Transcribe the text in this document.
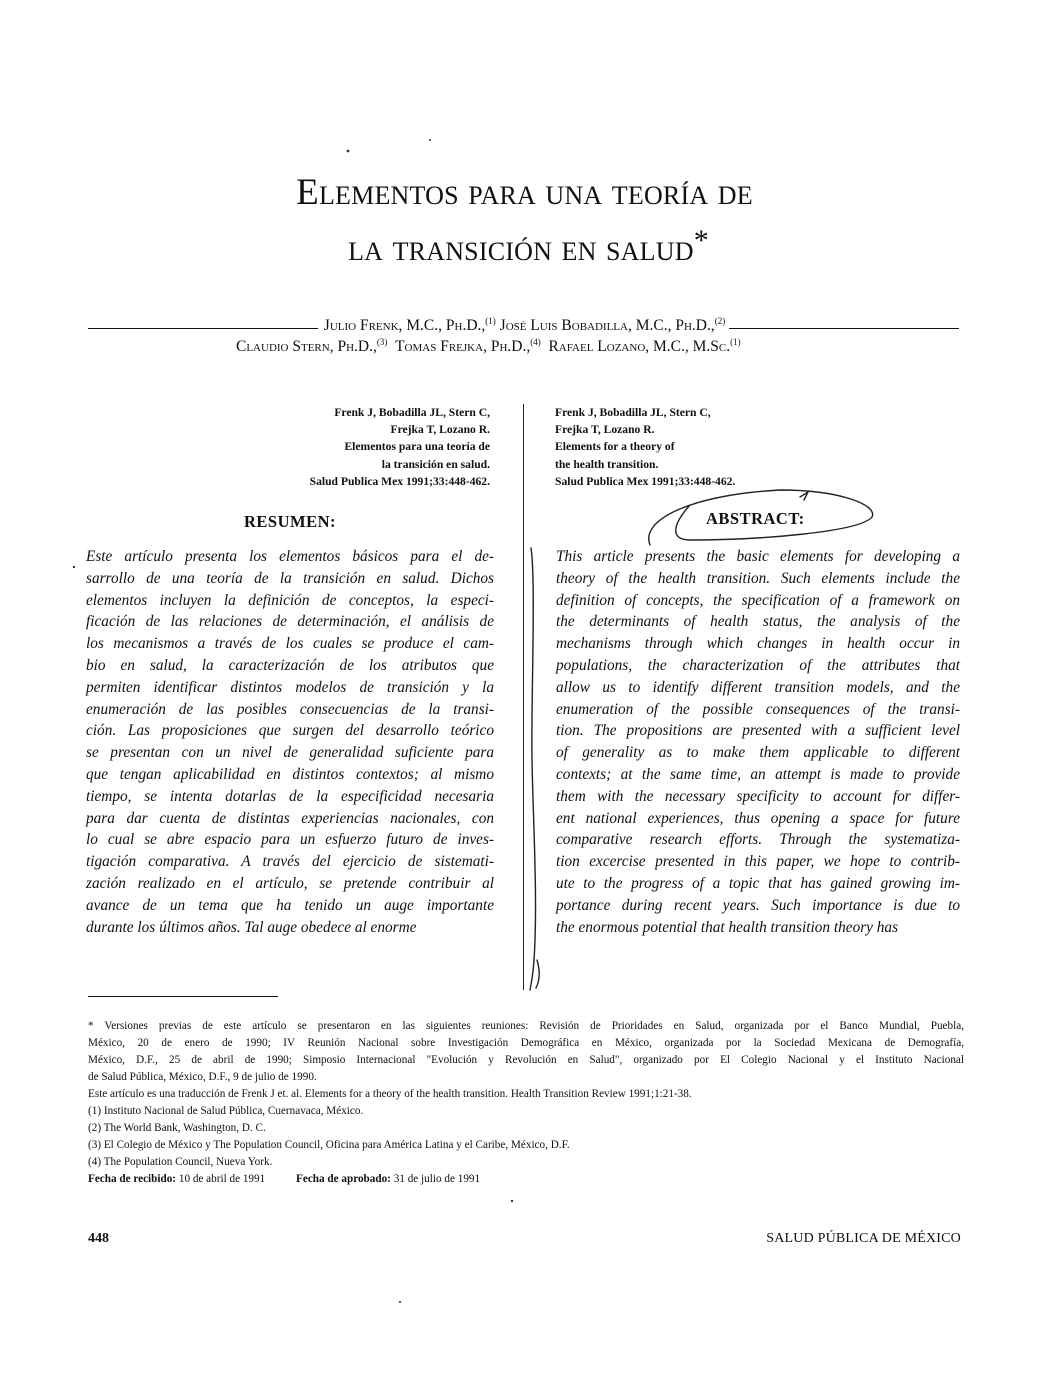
Elementos para una teoría de
la transición en salud*
Julio Frenk, M.C., Ph.D.,$^{(1)}$
José Luis Bobadilla, M.C., Ph.D.,$^{(2)}$
Claudio Stern, Ph.D.,$^{(3)}$ Tomas Frejka, Ph.D.,$^{(4)}$ Rafael Lozano, M.C., M.Sc.$^{(1)}$
Frenk J, Bobadilla JL, Stern C,
Frejka T, Lozano R.
Elementos para una teoría de
la transición en salud.
Salud Publica Mex 1991;33:448-462.
Frenk J, Bobadilla JL, Stern C,
Frejka T, Lozano R.
Elements for a theory of
the health transition.
Salud Publica Mex 1991;33:448-462.
RESUMEN:	ABSTRACT:
Este artículo presenta los elementos básicos para el de-
sarrollo de una teoría de la transición en salud. Dichos
elementos incluyen la definición de conceptos, la especi-
ficación de las relaciones de determinación, el análisis de
los mecanismos a través de los cuales se produce el cam-
bio en salud, la caracterización de los atributos que
permiten identificar distintos modelos de transición y la
enumeración de las posibles consecuencias de la transi-
ción. Las proposiciones que surgen del desarrollo teórico
se presentan con un nivel de generalidad suficiente para
que tengan aplicabilidad en distintos contextos; al mismo
tiempo, se intenta dotarlas de la especificidad necesaria
para dar cuenta de distintas experiencias nacionales, con
lo cual se abre espacio para un esfuerzo futuro de inves-
tigación comparativa. A través del ejercicio de sistemati-
zación realizado en el artículo, se pretende contribuir al
avance de un tema que ha tenido un auge importante
durante los últimos años. Tal auge obedece al enorme
This article presents the basic elements for developing a
theory of the health transition. Such elements include the
definition of concepts, the specification of a framework on
the determinants of health status, the analysis of the
mechanisms through which changes in health occur in
populations, the characterization of the attributes that
allow us to identify different transition models, and the
enumeration of the possible consequences of the transi-
tion. The propositions are presented with a sufficient level
of generality as to make them applicable to different
contexts; at the same time, an attempt is made to provide
them with the necessary specificity to account for differ-
ent national experiences, thus opening a space for future
comparative research efforts. Through the systematiza-
tion excercise presented in this paper, we hope to contrib-
ute to the progress of a topic that has gained growing im-
portance during recent years. Such importance is due to
the enormous potential that health transition theory has

* Versiones previas de este artículo se presentaron en las siguientes reuniones: Revisión de Prioridades en Salud, organizada por el Banco Mundial, Puebla,

México, 20 de enero de 1990; IV Reunión Nacional sobre Investigación Demográfica en México, organizada por la Sociedad Mexicana de Demografía,

México, D.F., 25 de abril de 1990; Simposio Internacional "Evolución y Revolución en Salud", organizado por El Colegio Nacional y el Instituto Nacional

de Salud Pública, México, D.F., 9 de julio de 1990.

Este artículo es una traducción de Frenk J et. al. Elements for a theory of the health transition. Health Transition Review 1991;1:21-38.

(1) Instituto Nacional de Salud Pública, Cuernavaca, México.

(2) The World Bank, Washington, D. C.

(3) El Colegio de México y The Population Council, Oficina para América Latina y el Caribe, México, D.F.

(4) The Population Council, Nueva York.

Fecha de recibido: 10 de abril de 1991	Fecha de aprobado: 31 de julio de 1991

448	SALUD PÚBLICA DE MÉXICO
